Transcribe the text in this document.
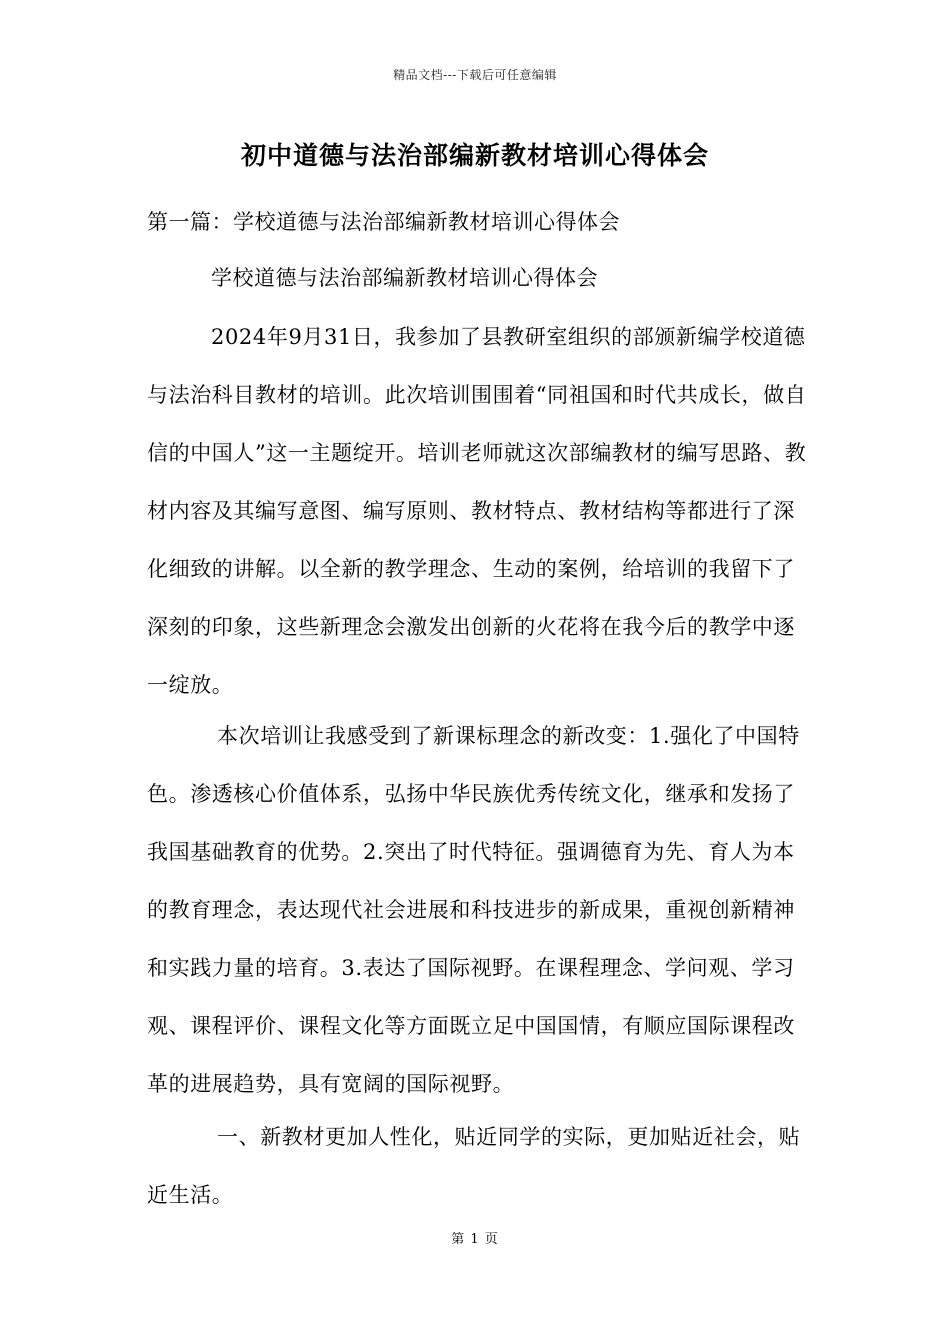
精品文档---下载后可任意编辑
初中道德与法治部编新教材培训心得体会
第一篇：学校道德与法治部编新教材培训心得体会
学校道德与法治部编新教材培训心得体会

2024年9月31日，我参加了县教研室组织的部颁新编学校道德与法治科目教材的培训。此次培训围围着“同祖国和时代共成长，做自信的中国人”这一主题绽开。培训老师就这次部编教材的编写思路、教材内容及其编写意图、编写原则、教材特点、教材结构等都进行了深化细致的讲解。以全新的教学理念、生动的案例，给培训的我留下了深刻的印象，这些新理念会激发出创新的火花将在我今后的教学中逐一绽放。

本次培训让我感受到了新课标理念的新改变：1.强化了中国特色。渗透核心价值体系，弘扬中华民族优秀传统文化，继承和发扬了我国基础教育的优势。2.突出了时代特征。强调德育为先、育人为本的教育理念，表达现代社会进展和科技进步的新成果，重视创新精神和实践力量的培育。3.表达了国际视野。在课程理念、学问观、学习观、课程评价、课程文化等方面既立足中国国情，有顺应国际课程改革的进展趋势，具有宽阔的国际视野。

一、新教材更加人性化，贴近同学的实际，更加贴近社会，贴近生活。

第 1 页
